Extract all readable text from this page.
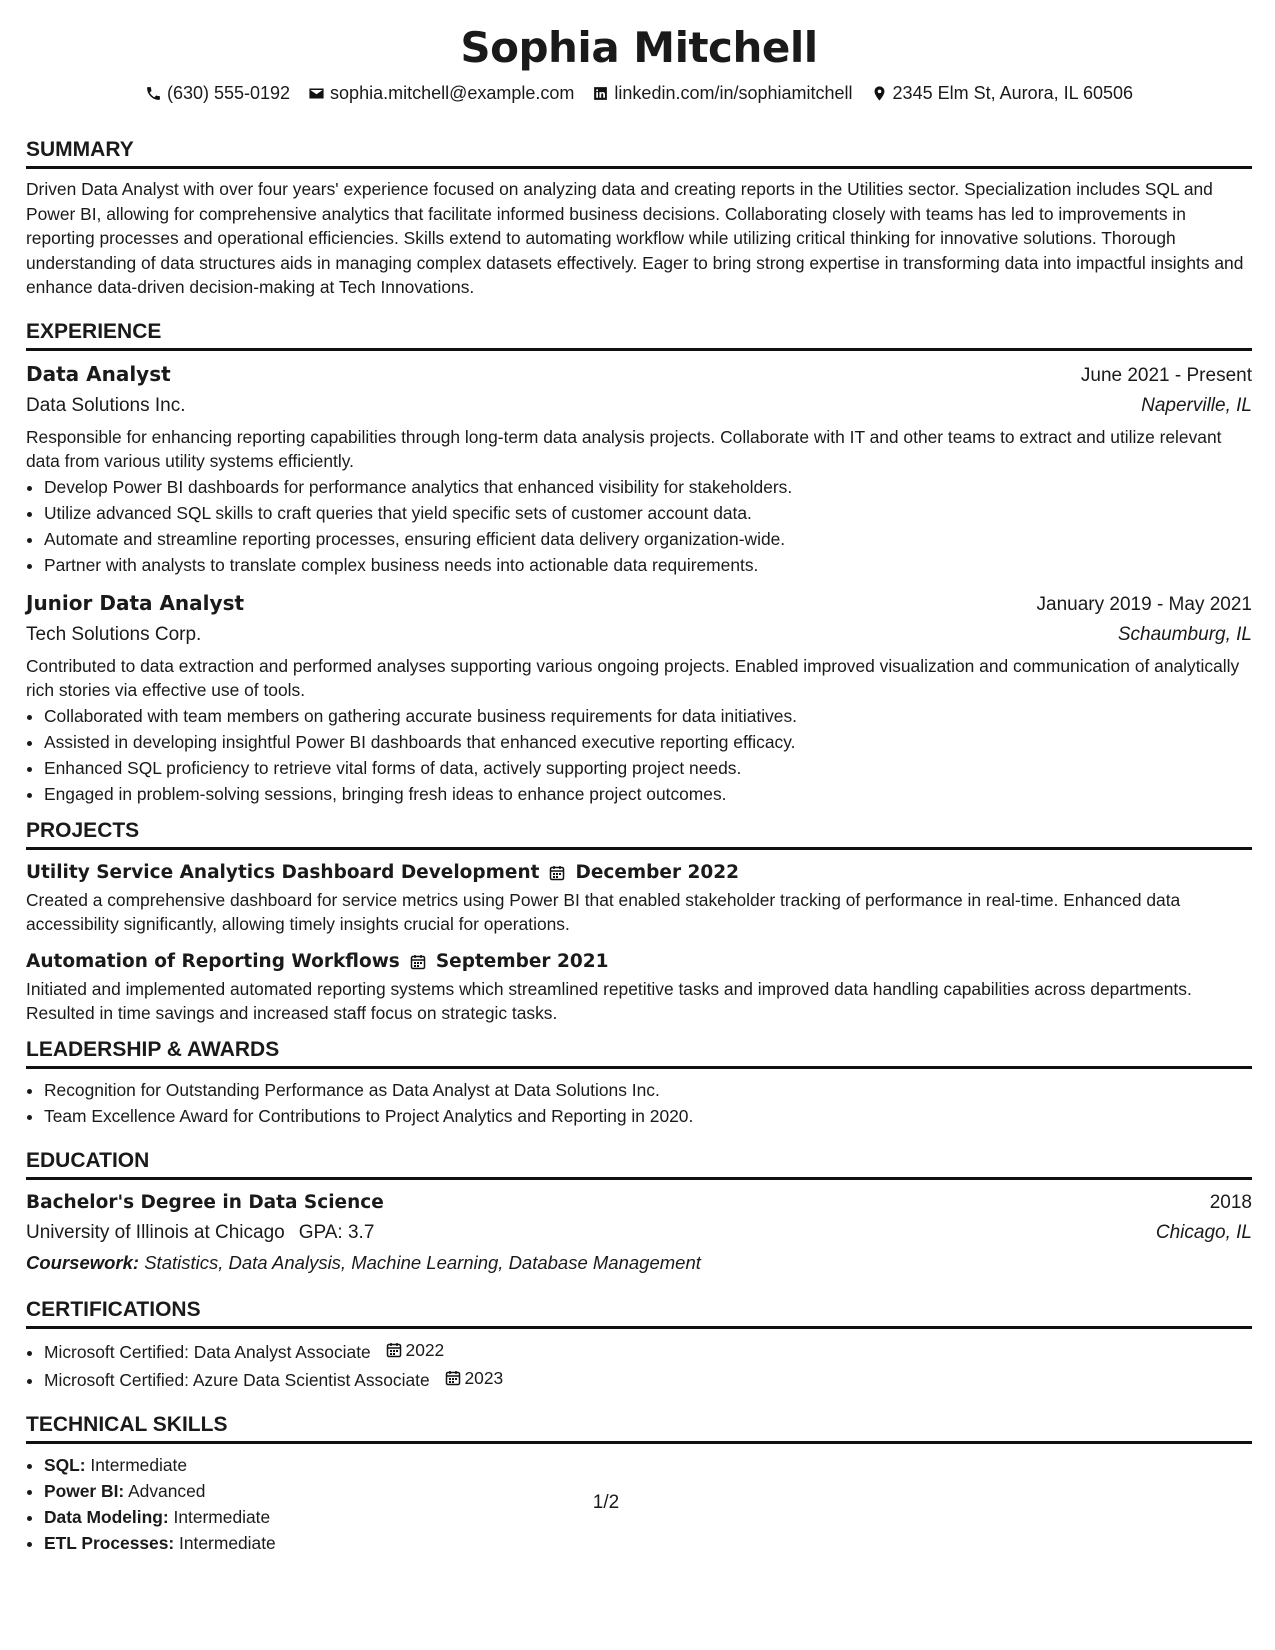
Sophia Mitchell
(630) 555-0192 sophia.mitchell@example.com linkedin.com/in/sophiamitchell 2345 Elm St, Aurora, IL 60506
SUMMARY

Driven Data Analyst with over four years' experience focused on analyzing data and creating reports in the Utilities sector. Specialization includes SQL and Power BI, allowing for comprehensive analytics that facilitate informed business decisions. Collaborating closely with teams has led to improvements in reporting processes and operational efficiencies. Skills extend to automating workflow while utilizing critical thinking for innovative solutions. Thorough understanding of data structures aids in managing complex datasets effectively. Eager to bring strong expertise in transforming data into impactful insights and enhance data-driven decision-making at Tech Innovations.

EXPERIENCE
Data Analyst	June 2021 - Present
Data Solutions Inc.	Naperville, IL

Responsible for enhancing reporting capabilities through long-term data analysis projects. Collaborate with IT and other teams to extract and utilize relevant data from various utility systems efficiently.

• Develop Power BI dashboards for performance analytics that enhanced visibility for stakeholders.
• Utilize advanced SQL skills to craft queries that yield specific sets of customer account data.
• Automate and streamline reporting processes, ensuring efficient data delivery organization-wide.
• Partner with analysts to translate complex business needs into actionable data requirements.
Junior Data Analyst	January 2019 - May 2021
Tech Solutions Corp.	Schaumburg, IL

Contributed to data extraction and performed analyses supporting various ongoing projects. Enabled improved visualization and communication of analytically rich stories via effective use of tools.

• Collaborated with team members on gathering accurate business requirements for data initiatives.
• Assisted in developing insightful Power BI dashboards that enhanced executive reporting efficacy.
• Enhanced SQL proficiency to retrieve vital forms of data, actively supporting project needs.
• Engaged in problem-solving sessions, bringing fresh ideas to enhance project outcomes.
PROJECTS
Utility Service Analytics Dashboard Development December 2022

Created a comprehensive dashboard for service metrics using Power BI that enabled stakeholder tracking of performance in real-time. Enhanced data accessibility significantly, allowing timely insights crucial for operations.

Automation of Reporting Workflows September 2021

Initiated and implemented automated reporting systems which streamlined repetitive tasks and improved data handling capabilities across departments. Resulted in time savings and increased staff focus on strategic tasks.

LEADERSHIP & AWARDS
• Recognition for Outstanding Performance as Data Analyst at Data Solutions Inc.
• Team Excellence Award for Contributions to Project Analytics and Reporting in 2020.
EDUCATION
Bachelor's Degree in Data Science	2018
University of Illinois at Chicago GPA: 3.7	Chicago, IL
Coursework: Statistics, Data Analysis, Machine Learning, Database Management
CERTIFICATIONS
• Microsoft Certified: Data Analyst Associate 2022
• Microsoft Certified: Azure Data Scientist Associate 2023
TECHNICAL SKILLS
• SQL: Intermediate
• Power BI: Advanced
• Data Modeling: Intermediate
• ETL Processes: Intermediate
1/2
